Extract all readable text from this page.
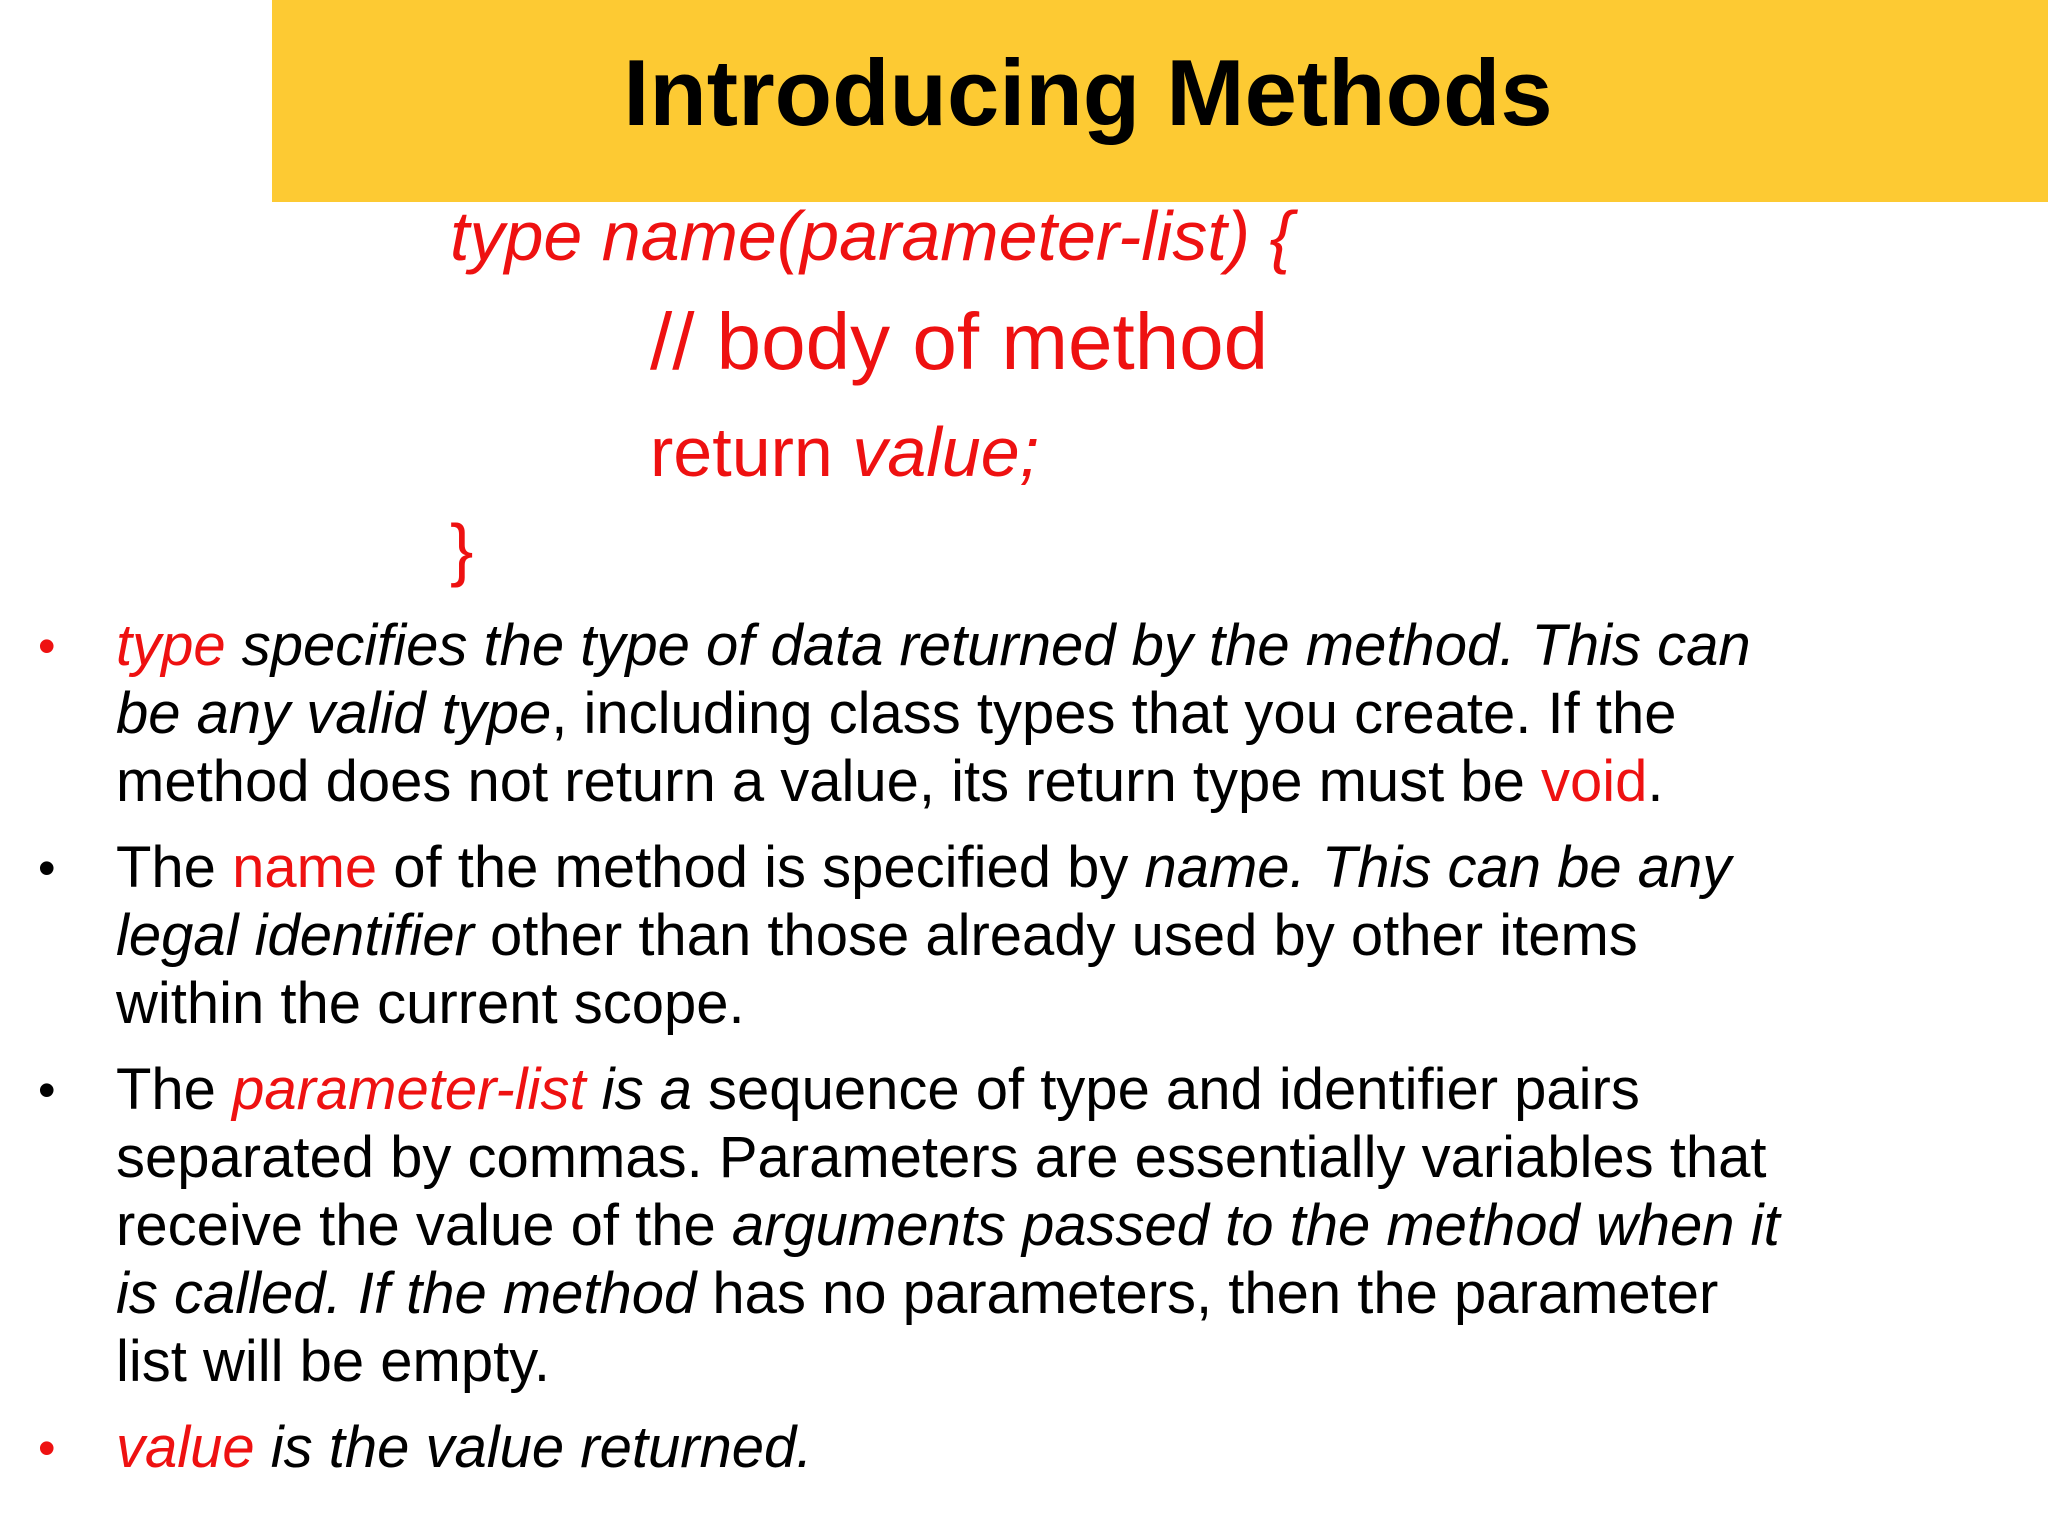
Introducing Methods
type name(parameter-list) {
// body of method
return value;
}
• type specifies the type of data returned by the method. This can
be any valid type, including class types that you create. If the
method does not return a value, its return type must be void.
• The name of the method is specified by name. This can be any
legal identifier other than those already used by other items
within the current scope.
• The parameter-list is a sequence of type and identifier pairs
separated by commas. Parameters are essentially variables that
receive the value of the arguments passed to the method when it
is called. If the method has no parameters, then the parameter
list will be empty.
• value is the value returned.
